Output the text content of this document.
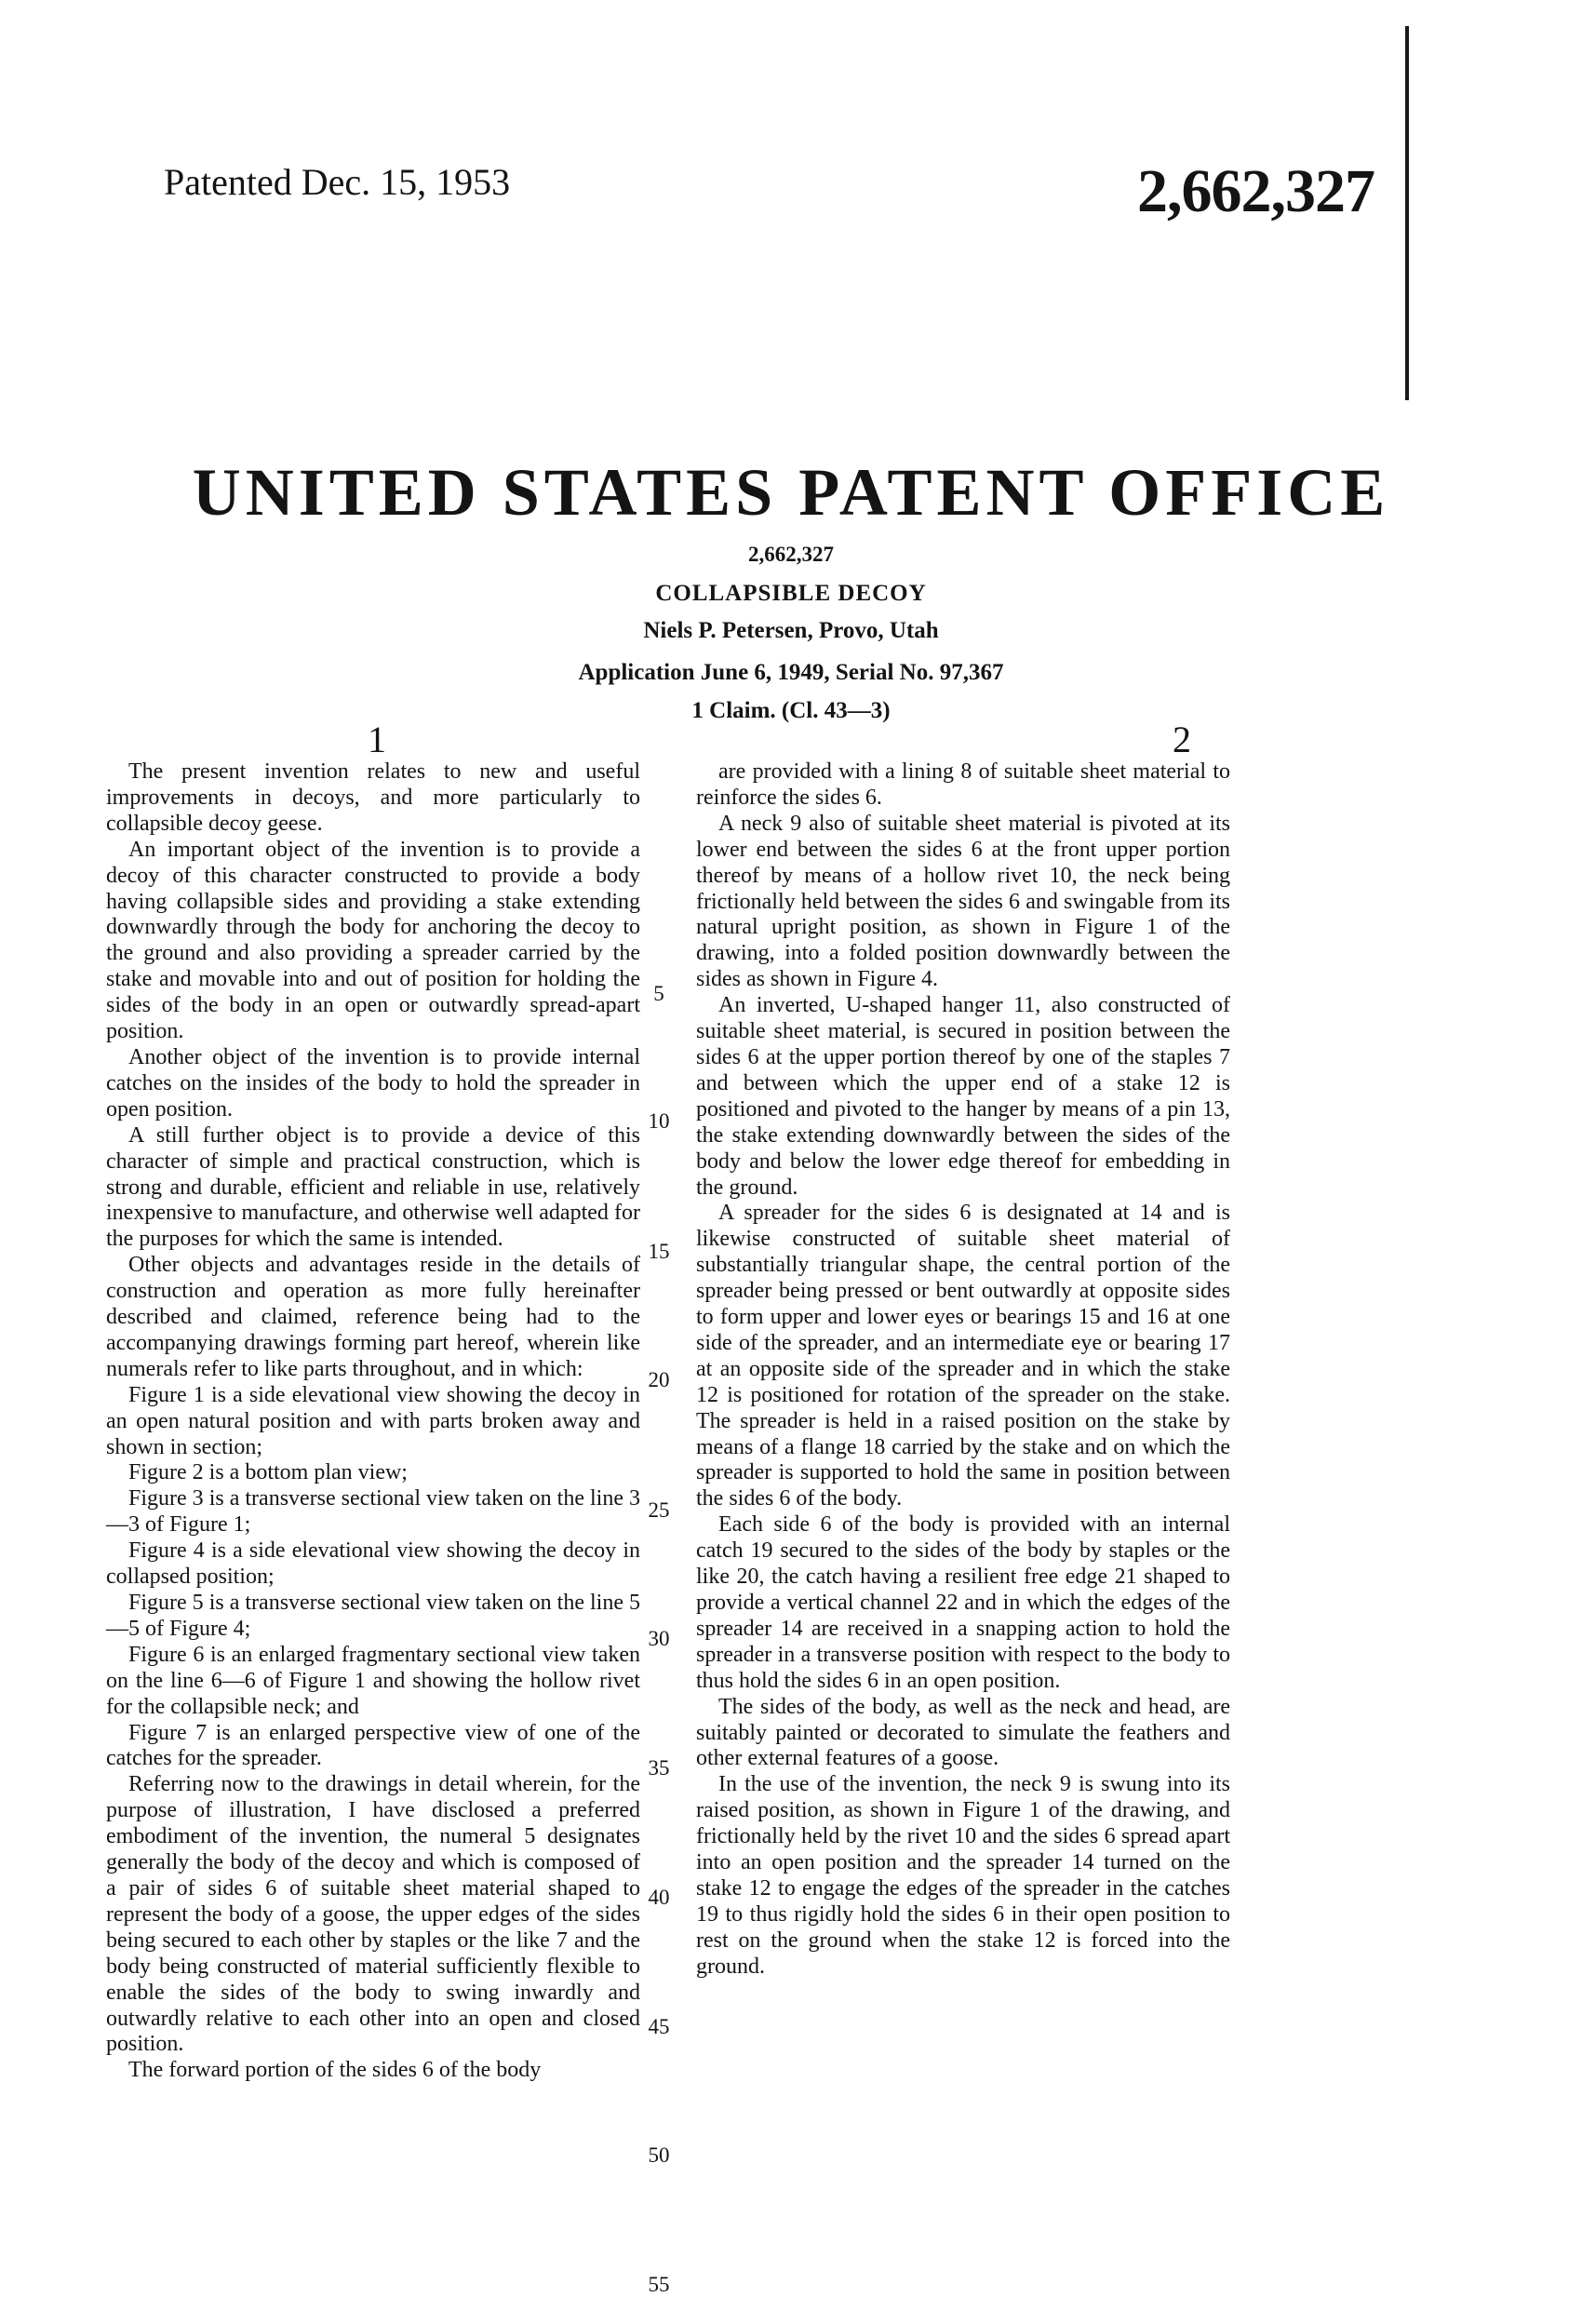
Patented Dec. 15, 1953	2,662,327
UNITED STATES PATENT OFFICE
2,662,327
COLLAPSIBLE DECOY
Niels P. Petersen, Provo, Utah
Application June 6, 1949, Serial No. 97,367
1 Claim. (Cl. 43—3)
1	2

The present invention relates to new and useful improvements in decoys, and more particularly to collapsible decoy geese.

An important object of the invention is to provide a decoy of this character constructed to provide a body having collapsible sides and providing a stake extending downwardly through the body for anchoring the decoy to the ground and also providing a spreader carried by the stake and movable into and out of position for holding the sides of the body in an open or outwardly spread-apart position.

Another object of the invention is to provide internal catches on the insides of the body to hold the spreader in open position.

A still further object is to provide a device of this character of simple and practical construction, which is strong and durable, efficient and reliable in use, relatively inexpensive to manufacture, and otherwise well adapted for the purposes for which the same is intended.

Other objects and advantages reside in the details of construction and operation as more fully hereinafter described and claimed, reference being had to the accompanying drawings forming part hereof, wherein like numerals refer to like parts throughout, and in which:

Figure 1 is a side elevational view showing the decoy in an open natural position and with parts broken away and shown in section;

Figure 2 is a bottom plan view;

Figure 3 is a transverse sectional view taken on the line 3—3 of Figure 1;

Figure 4 is a side elevational view showing the decoy in collapsed position;

Figure 5 is a transverse sectional view taken on the line 5—5 of Figure 4;

Figure 6 is an enlarged fragmentary sectional view taken on the line 6—6 of Figure 1 and showing the hollow rivet for the collapsible neck; and

Figure 7 is an enlarged perspective view of one of the catches for the spreader.

Referring now to the drawings in detail wherein, for the purpose of illustration, I have disclosed a preferred embodiment of the invention, the numeral 5 designates generally the body of the decoy and which is composed of a pair of sides 6 of suitable sheet material shaped to represent the body of a goose, the upper edges of the sides being secured to each other by staples or the like 7 and the body being constructed of material sufficiently flexible to enable the sides of the body to swing inwardly and outwardly relative to each other into an open and closed position.

The forward portion of the sides 6 of the body

are provided with a lining 8 of suitable sheet material to reinforce the sides 6.

A neck 9 also of suitable sheet material is pivoted at its lower end between the sides 6 at the front upper portion thereof by means of a hollow rivet 10, the neck being frictionally held between the sides 6 and swingable from its natural upright position, as shown in Figure 1 of the drawing, into a folded position downwardly between the sides as shown in Figure 4.

An inverted, U-shaped hanger 11, also constructed of suitable sheet material, is secured in position between the sides 6 at the upper portion thereof by one of the staples 7 and between which the upper end of a stake 12 is positioned and pivoted to the hanger by means of a pin 13, the stake extending downwardly between the sides of the body and below the lower edge thereof for embedding in the ground.

A spreader for the sides 6 is designated at 14 and is likewise constructed of suitable sheet material of substantially triangular shape, the central portion of the spreader being pressed or bent outwardly at opposite sides to form upper and lower eyes or bearings 15 and 16 at one side of the spreader, and an intermediate eye or bearing 17 at an opposite side of the spreader and in which the stake 12 is positioned for rotation of the spreader on the stake. The spreader is held in a raised position on the stake by means of a flange 18 carried by the stake and on which the spreader is supported to hold the same in position between the sides 6 of the body.

Each side 6 of the body is provided with an internal catch 19 secured to the sides of the body by staples or the like 20, the catch having a resilient free edge 21 shaped to provide a vertical channel 22 and in which the edges of the spreader 14 are received in a snapping action to hold the spreader in a transverse position with respect to the body to thus hold the sides 6 in an open position.

The sides of the body, as well as the neck and head, are suitably painted or decorated to simulate the feathers and other external features of a goose.

In the use of the invention, the neck 9 is swung into its raised position, as shown in Figure 1 of the drawing, and frictionally held by the rivet 10 and the sides 6 spread apart into an open position and the spreader 14 turned on the stake 12 to engage the edges of the spreader in the catches 19 to thus rigidly hold the sides 6 in their open position to rest on the ground when the stake 12 is forced into the ground.

5
10
15
20
25
30
35
40
45
50
55
